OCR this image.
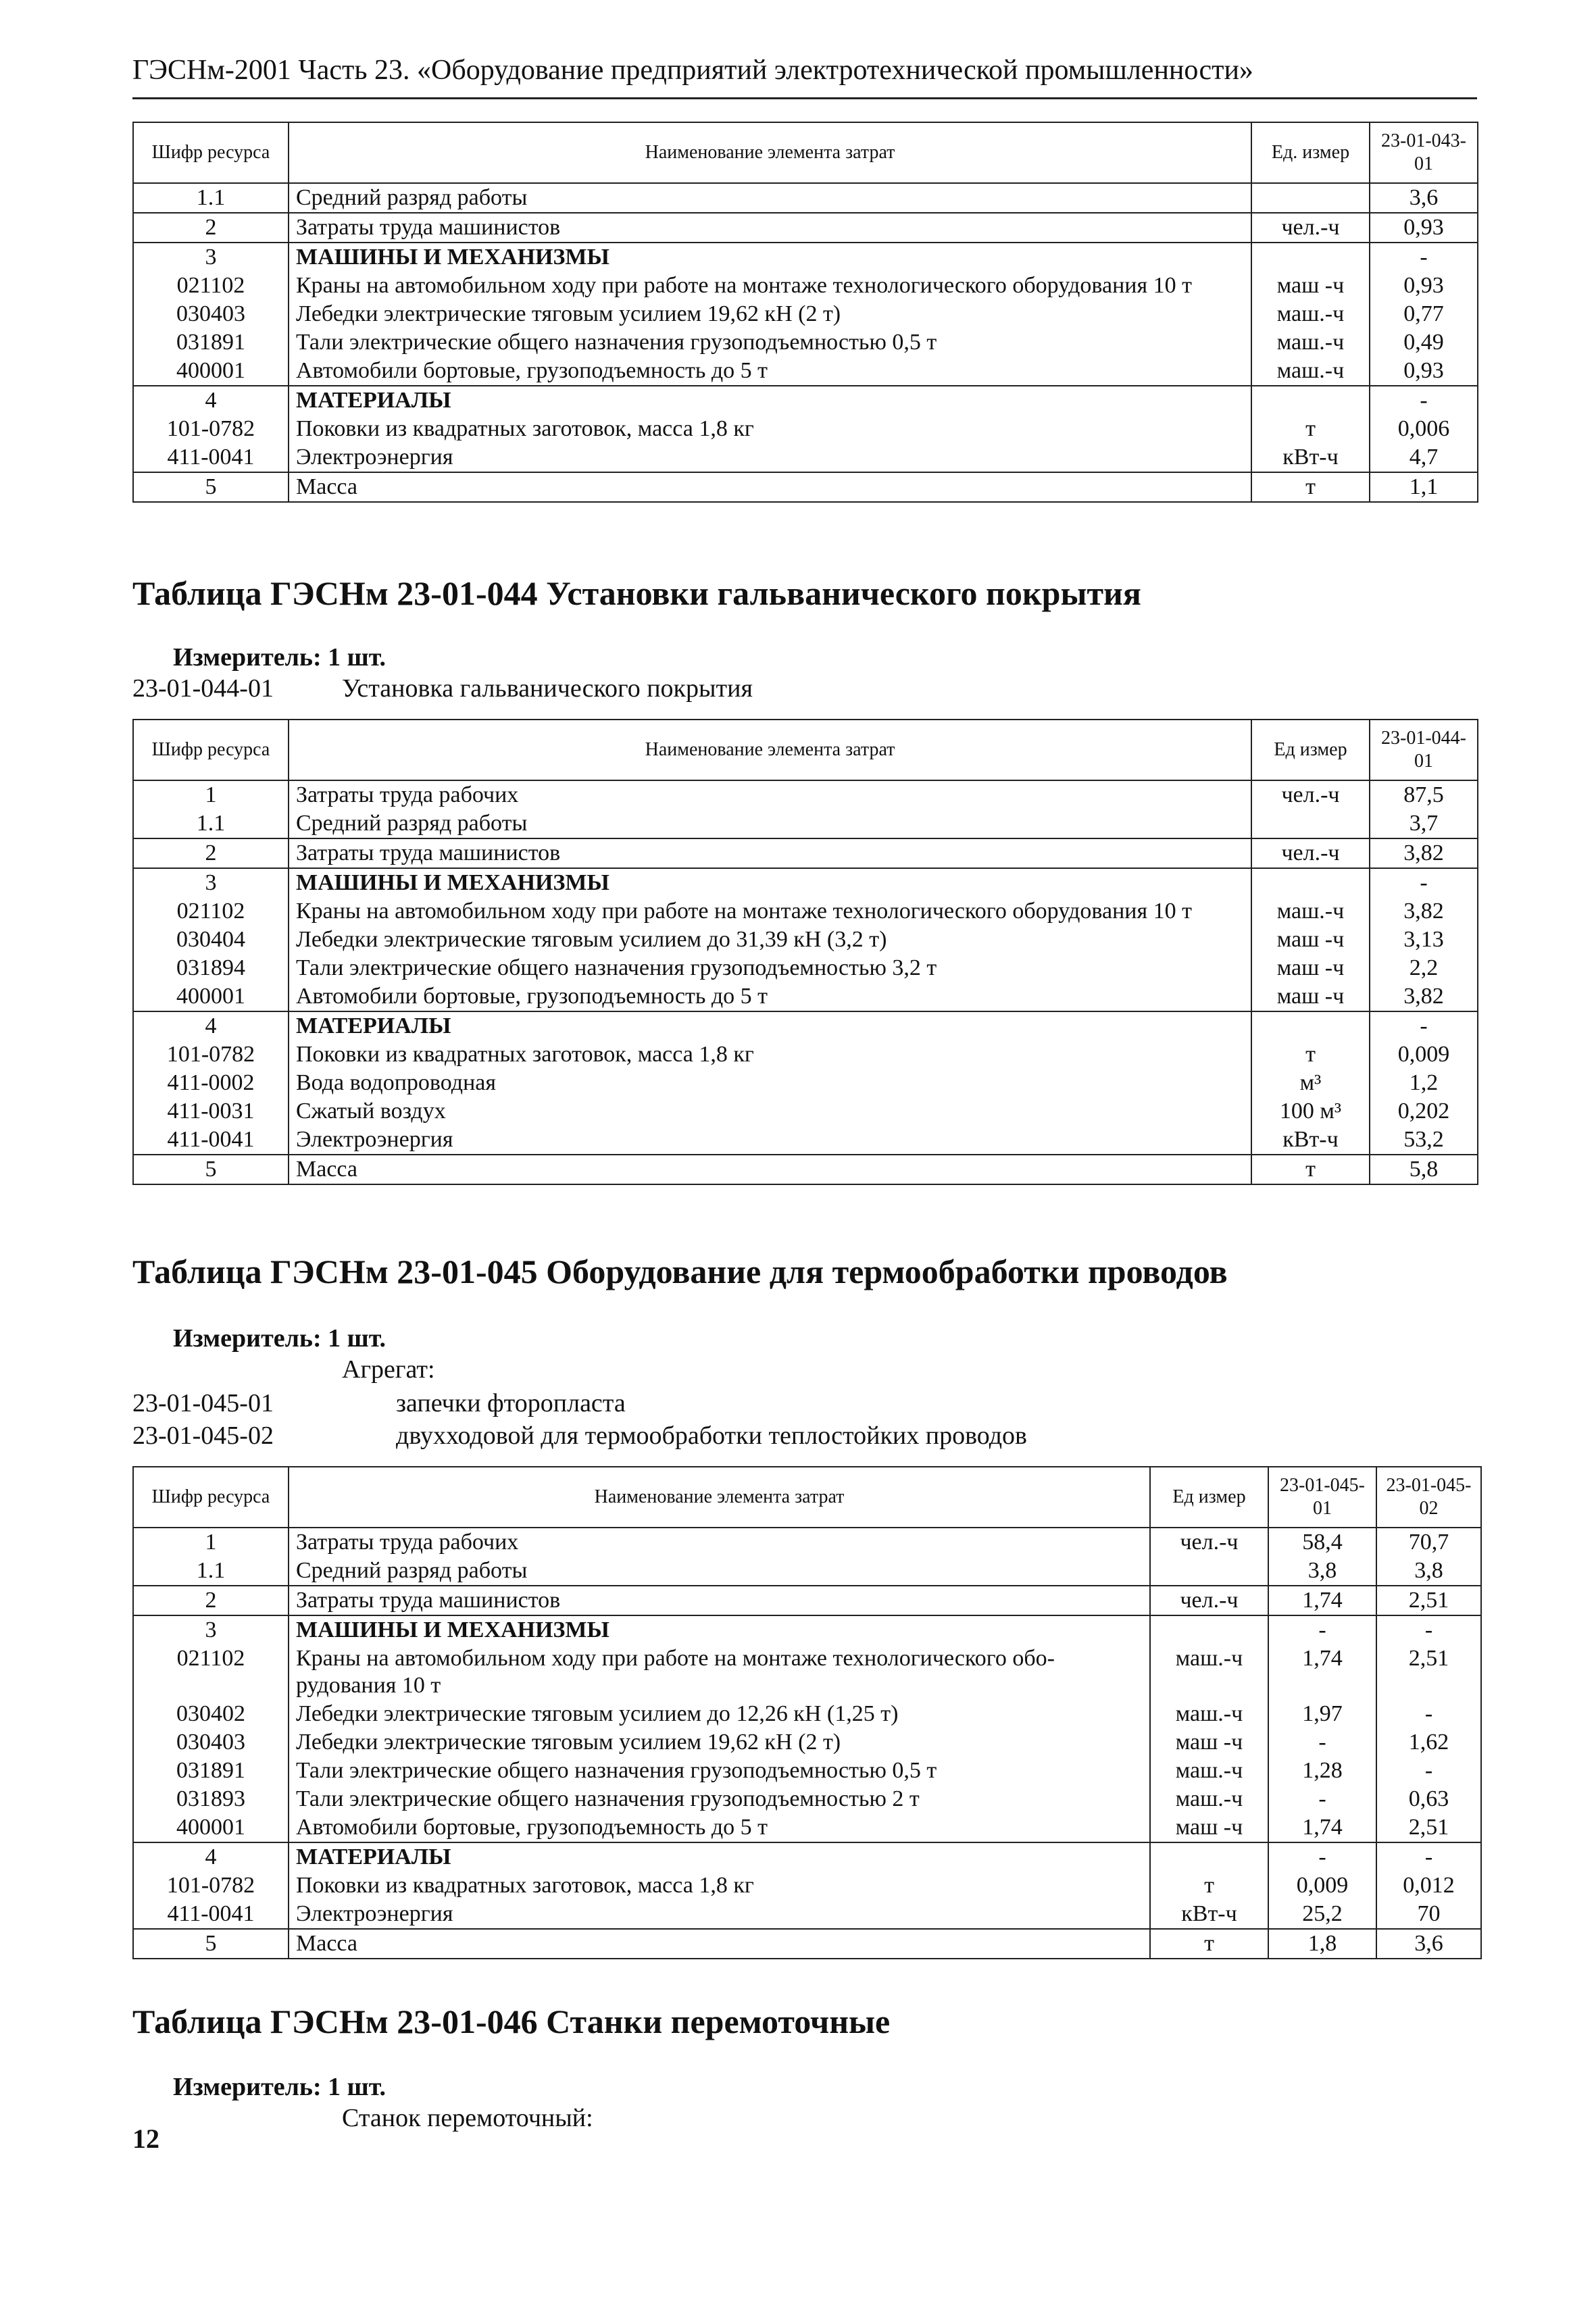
ГЭСНм-2001 Часть 23. «Оборудование предприятий электротехнической промышленности»
Шифр ресурса	Наименование элемента затрат	Ед. измер	23-01-043-01
1.1	Средний разряд работы		3,6
2	Затраты труда машинистов	чел.-ч	0,93
3	МАШИНЫ И МЕХАНИЗМЫ		-
021102	Краны на автомобильном ходу при работе на монтаже технологического оборудования 10 т	маш -ч	0,93
030403	Лебедки электрические тяговым усилием 19,62 кН (2 т)	маш.-ч	0,77
031891	Тали электрические общего назначения грузоподъемностью 0,5 т	маш.-ч	0,49
400001	Автомобили бортовые, грузоподъемность до 5 т	маш.-ч	0,93
4	МАТЕРИАЛЫ		-
101-0782	Поковки из квадратных заготовок, масса 1,8 кг	т	0,006
411-0041	Электроэнергия	кВт-ч	4,7
5	Масса	т	1,1
Таблица ГЭСНм 23-01-044 Установки гальванического покрытия
Измеритель: 1 шт.
23-01-044-01	Установка гальванического покрытия
Шифр ресурса	Наименование элемента затрат	Ед измер	23-01-044-01
1	Затраты труда рабочих	чел.-ч	87,5
1.1	Средний разряд работы		3,7
2	Затраты труда машинистов	чел.-ч	3,82
3	МАШИНЫ И МЕХАНИЗМЫ		-
021102	Краны на автомобильном ходу при работе на монтаже технологического оборудования 10 т	маш.-ч	3,82
030404	Лебедки электрические тяговым усилием до 31,39 кН (3,2 т)	маш -ч	3,13
031894	Тали электрические общего назначения грузоподъемностью 3,2 т	маш -ч	2,2
400001	Автомобили бортовые, грузоподъемность до 5 т	маш -ч	3,82
4	МАТЕРИАЛЫ		-
101-0782	Поковки из квадратных заготовок, масса 1,8 кг	т	0,009
411-0002	Вода водопроводная	м³	1,2
411-0031	Сжатый воздух	100 м³	0,202
411-0041	Электроэнергия	кВт-ч	53,2
5	Масса	т	5,8
Таблица ГЭСНм 23-01-045 Оборудование для термообработки проводов
Измеритель: 1 шт.
Агрегат:
23-01-045-01	запечки фторопласта
23-01-045-02	двухходовой для термообработки теплостойких проводов
Шифр ресурса	Наименование элемента затрат	Ед измер	23-01-045-01	23-01-045-02
1	Затраты труда рабочих	чел.-ч	58,4	70,7
1.1	Средний разряд работы		3,8	3,8
2	Затраты труда машинистов	чел.-ч	1,74	2,51
3	МАШИНЫ И МЕХАНИЗМЫ		-	-
021102	Краны на автомобильном ходу при работе на монтаже технологического обо-рудования 10 т	маш.-ч	1,74	2,51
030402	Лебедки электрические тяговым усилием до 12,26 кН (1,25 т)	маш.-ч	1,97	-
030403	Лебедки электрические тяговым усилием 19,62 кН (2 т)	маш -ч	-	1,62
031891	Тали электрические общего назначения грузоподъемностью 0,5 т	маш.-ч	1,28	-
031893	Тали электрические общего назначения грузоподъемностью 2 т	маш.-ч	-	0,63
400001	Автомобили бортовые, грузоподъемность до 5 т	маш -ч	1,74	2,51
4	МАТЕРИАЛЫ		-	-
101-0782	Поковки из квадратных заготовок, масса 1,8 кг	т	0,009	0,012
411-0041	Электроэнергия	кВт-ч	25,2	70
5	Масса	т	1,8	3,6
Таблица ГЭСНм 23-01-046 Станки перемоточные
Измеритель: 1 шт.
Станок перемоточный:
12
